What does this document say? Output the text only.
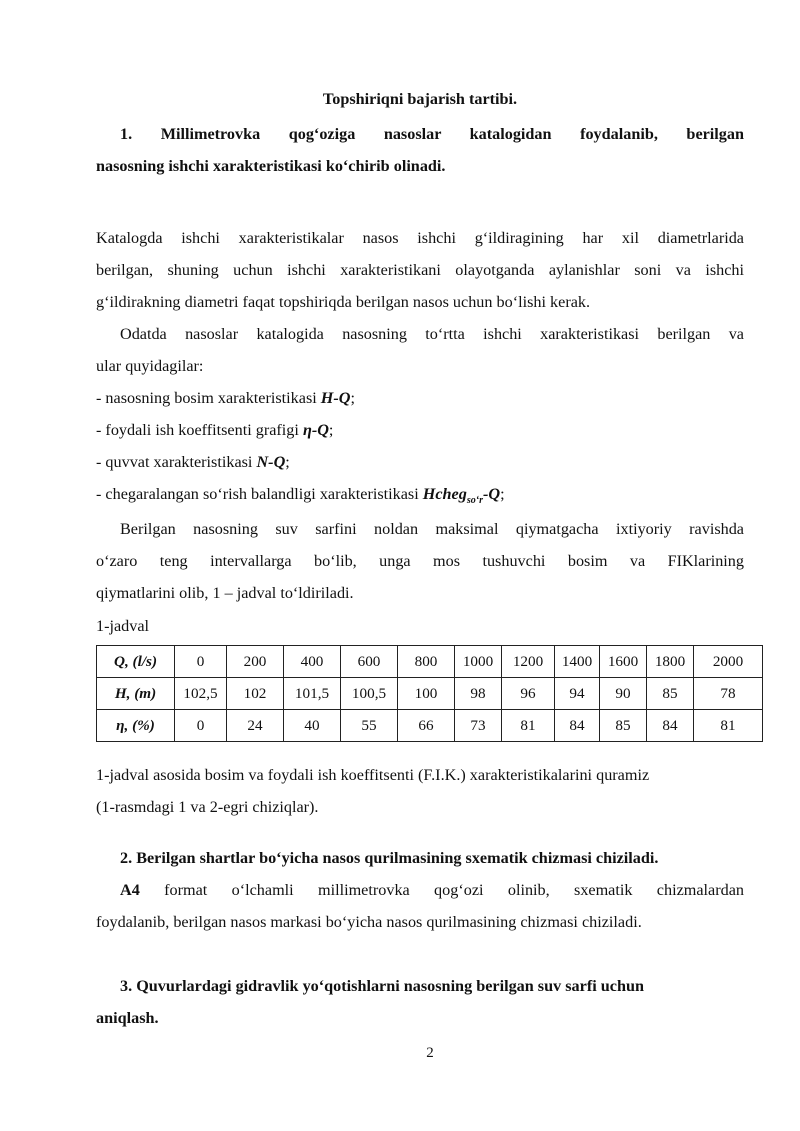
Topshiriqni bajarish tartibi.
1. Millimetrovka qog‘oziga nasoslar katalogidan foydalanib, berilgan
nasosning ishchi xarakteristikasi ko‘chirib olinadi.
Katalogda ishchi xarakteristikalar nasos ishchi g‘ildiragining har xil diametrlarida
berilgan, shuning uchun ishchi xarakteristikani olayotganda aylanishlar soni va ishchi
g‘ildirakning diametri faqat topshiriqda berilgan nasos uchun bo‘lishi kerak.
Odatda nasoslar katalogida nasosning to‘rtta ishchi xarakteristikasi berilgan va
ular quyidagilar:
- nasosning bosim xarakteristikasi H-Q;
- foydali ish koeffitsenti grafigi η-Q;
- quvvat xarakteristikasi N-Q;
- chegaralangan so‘rish balandligi xarakteristikasi Hcheg$_{so‘r}$-Q;
Berilgan nasosning suv sarfini noldan maksimal qiymatgacha ixtiyoriy ravishda
o‘zaro teng intervallarga bo‘lib, unga mos tushuvchi bosim va FIKlarining
qiymatlarini olib, 1 – jadval to‘ldiriladi.
1-jadval
Q, (l/s)	0	200	400	600	800	1000	1200	1400	1600	1800	2000
H, (m)	102,5	102	101,5	100,5	100	98	96	94	90	85	78
η, (%)	0	24	40	55	66	73	81	84	85	84	81
1-jadval asosida bosim va foydali ish koeffitsenti (F.I.K.) xarakteristikalarini quramiz
(1-rasmdagi 1 va 2-egri chiziqlar).
2. Berilgan shartlar bo‘yicha nasos qurilmasining sxematik chizmasi chiziladi.
A4 format o‘lchamli millimetrovka qog‘ozi olinib, sxematik chizmalardan
foydalanib, berilgan nasos markasi bo‘yicha nasos qurilmasining chizmasi chiziladi.
3. Quvurlardagi gidravlik yo‘qotishlarni nasosning berilgan suv sarfi uchun
aniqlash.
2
